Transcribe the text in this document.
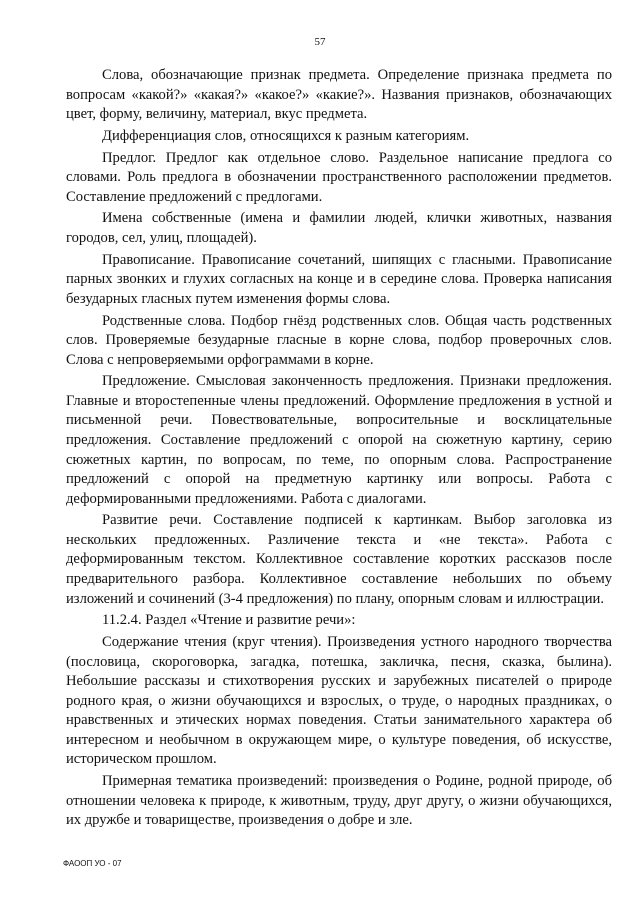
57

Слова, обозначающие признак предмета. Определение признака предмета по вопросам «какой?» «какая?» «какое?» «какие?». Названия признаков, обозначающих цвет, форму, величину, материал, вкус предмета.

Дифференциация слов, относящихся к разным категориям.

Предлог. Предлог как отдельное слово. Раздельное написание предлога со словами. Роль предлога в обозначении пространственного расположении предметов. Составление предложений с предлогами.

Имена собственные (имена и фамилии людей, клички животных, названия городов, сел, улиц, площадей).

Правописание. Правописание сочетаний, шипящих с гласными. Правописание парных звонких и глухих согласных на конце и в середине слова. Проверка написания безударных гласных путем изменения формы слова.

Родственные слова. Подбор гнёзд родственных слов. Общая часть родственных слов. Проверяемые безударные гласные в корне слова, подбор проверочных слов. Слова с непроверяемыми орфограммами в корне.

Предложение. Смысловая законченность предложения. Признаки предложения. Главные и второстепенные члены предложений. Оформление предложения в устной и письменной речи. Повествовательные, вопросительные и восклицательные предложения. Составление предложений с опорой на сюжетную картину, серию сюжетных картин, по вопросам, по теме, по опорным слова. Распространение предложений с опорой на предметную картинку или вопросы. Работа с деформированными предложениями. Работа с диалогами.

Развитие речи. Составление подписей к картинкам. Выбор заголовка из нескольких предложенных. Различение текста и «не текста». Работа с деформированным текстом. Коллективное составление коротких рассказов после предварительного разбора. Коллективное составление небольших по объему изложений и сочинений (3-4 предложения) по плану, опорным словам и иллюстрации.

11.2.4. Раздел «Чтение и развитие речи»:

Содержание чтения (круг чтения). Произведения устного народного творчества (пословица, скороговорка, загадка, потешка, закличка, песня, сказка, былина). Небольшие рассказы и стихотворения русских и зарубежных писателей о природе родного края, о жизни обучающихся и взрослых, о труде, о народных праздниках, о нравственных и этических нормах поведения. Статьи занимательного характера об интересном и необычном в окружающем мире, о культуре поведения, об искусстве, историческом прошлом.

Примерная тематика произведений: произведения о Родине, родной природе, об отношении человека к природе, к животным, труду, друг другу, о жизни обучающихся, их дружбе и товариществе, произведения о добре и зле.

ФАООП УО - 07
